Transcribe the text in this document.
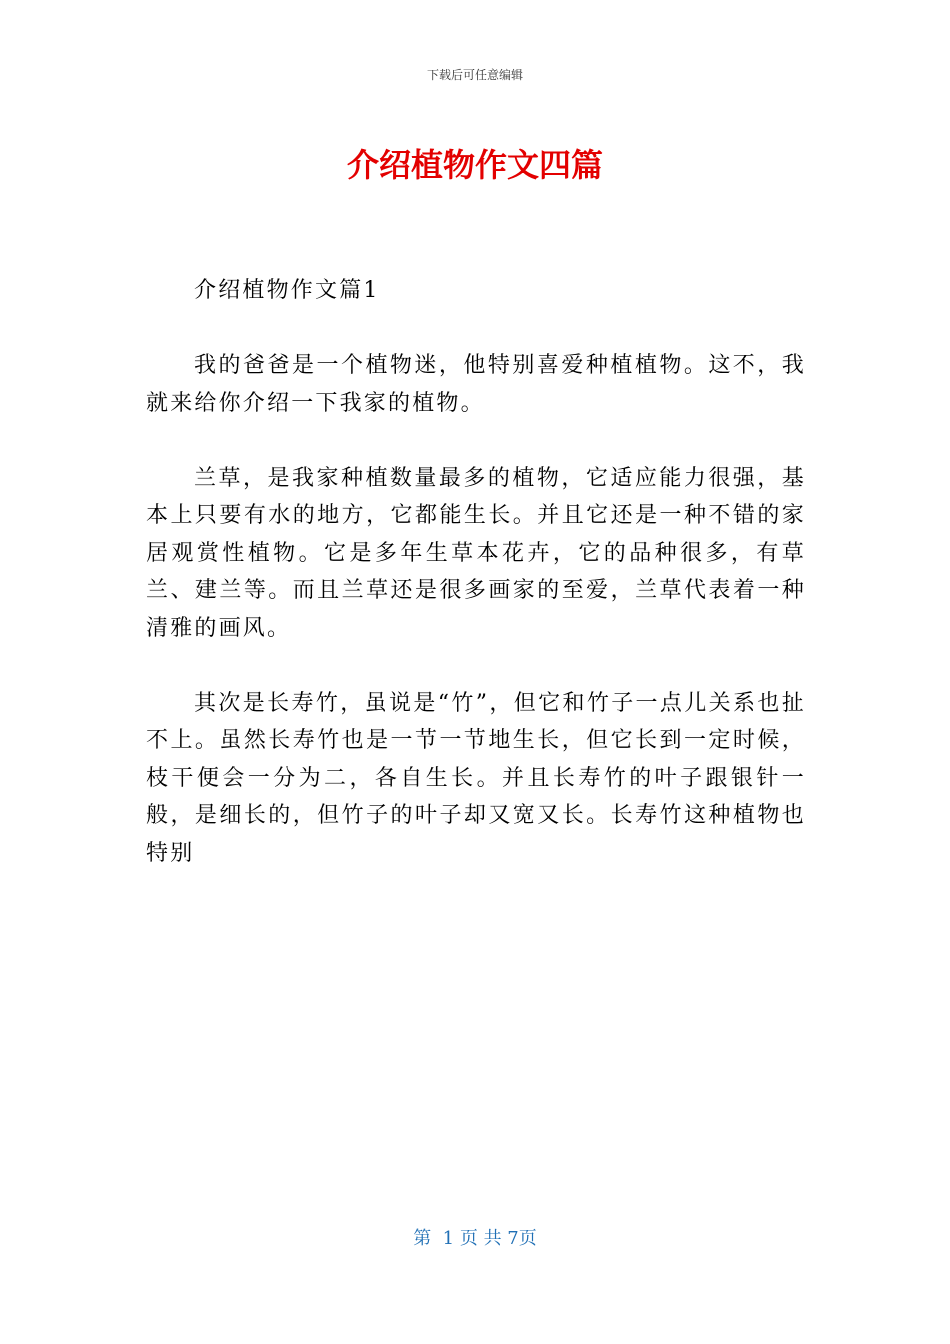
下载后可任意编辑
介绍植物作文四篇

介绍植物作文篇1

我的爸爸是一个植物迷，他特别喜爱种植植物。这不，我就来给你介绍一下我家的植物。

兰草，是我家种植数量最多的植物，它适应能力很强，基本上只要有水的地方，它都能生长。并且它还是一种不错的家居观赏性植物。它是多年生草本花卉，它的品种很多，有草兰、建兰等。而且兰草还是很多画家的至爱，兰草代表着一种清雅的画风。

其次是长寿竹，虽说是“竹”，但它和竹子一点儿关系也扯不上。虽然长寿竹也是一节一节地生长，但它长到一定时候，枝干便会一分为二，各自生长。并且长寿竹的叶子跟银针一般，是细长的，但竹子的叶子却又宽又长。长寿竹这种植物也特别

第  1 页 共 7页
